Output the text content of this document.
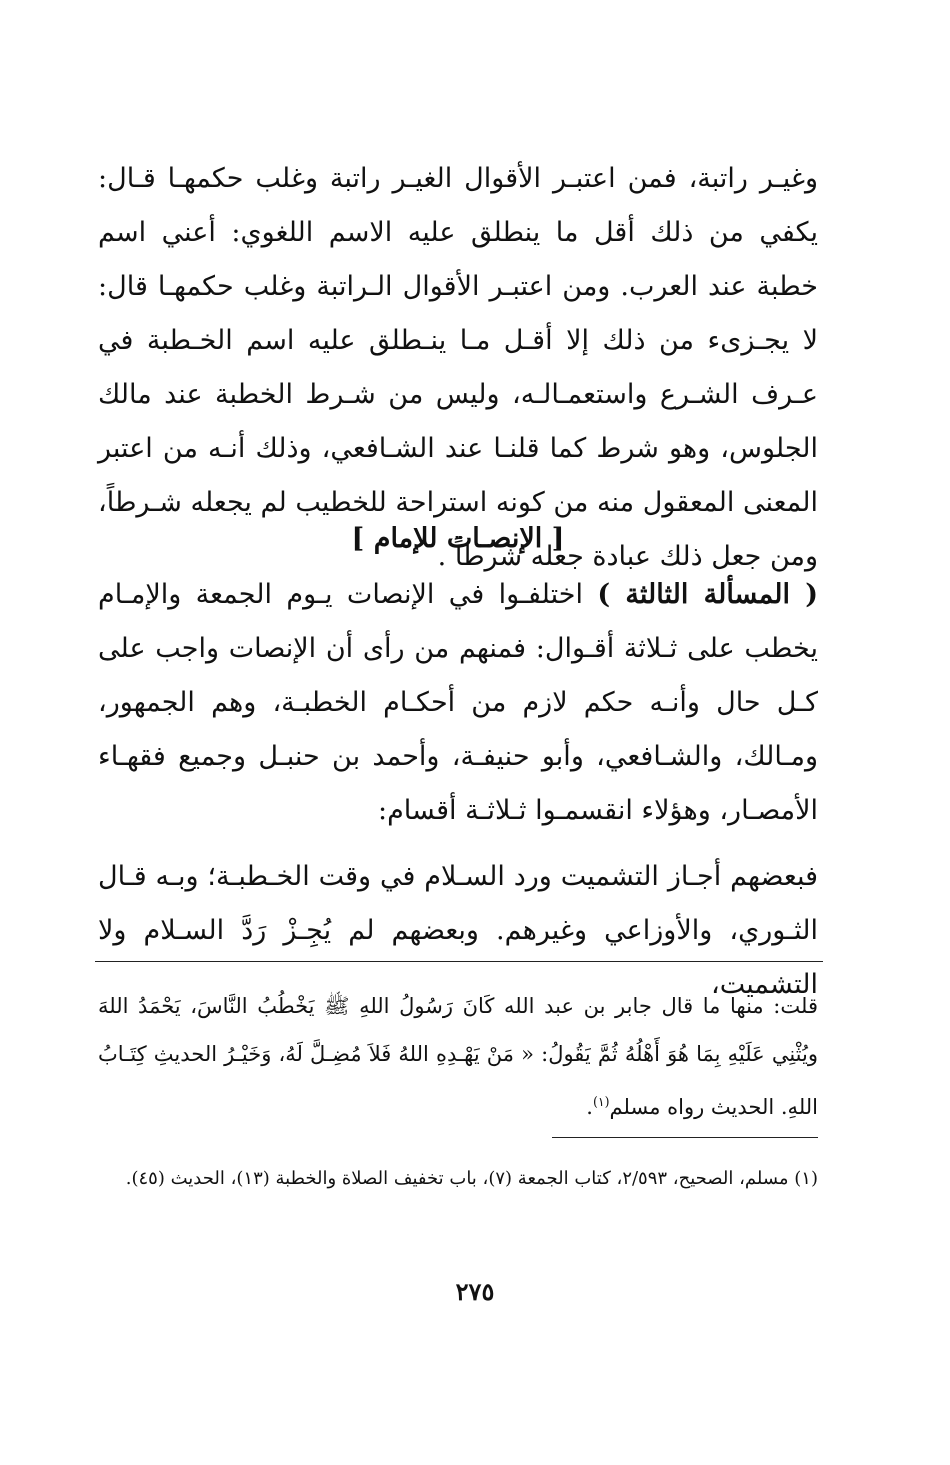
وغيـر راتبة، فمن اعتبـر الأقوال الغيـر راتبة وغلب حكمهـا قـال: يكفي من ذلك أقل ما ينطلق عليه الاسم اللغوي: أعني اسم خطبة عند العرب. ومن اعتبـر الأقوال الـراتبة وغلب حكمهـا قال: لا يجـزىء من ذلك إلا أقـل مـا ينـطلق عليه اسم الخـطبة في عـرف الشـرع واستعمـالـه، وليس من شـرط الخطبة عند مالك الجلوس، وهو شرط كما قلنـا عند الشـافعي، وذلك أنـه من اعتبر المعنى المعقول منه من كونه استراحة للخطيب لم يجعله شـرطاً، ومن جعل ذلك عبادة جعله شرطاً .

[ الإنصـات للإمام ]

( المسألة الثالثة ) اختلفـوا في الإنصات يـوم الجمعة والإمـام يخطب على ثـلاثة أقـوال: فمنهم من رأى أن الإنصات واجب على كـل حال وأنـه حكم لازم من أحكـام الخطبـة، وهم الجمهور، ومـالك، والشـافعي، وأبو حنيفـة، وأحمد بن حنبـل وجميع فقهـاء الأمصـار، وهؤلاء انقسمـوا ثـلاثـة أقسام:

فبعضهم أجـاز التشميت ورد السـلام في وقت الخـطبـة؛ وبـه قـال الثـوري، والأوزاعي وغيرهم. وبعضهم لم يُجِـزْ رَدَّ السـلام ولا التشميت،

قلت: منها ما قال جابر بن عبد الله كَانَ رَسُولُ اللهِ ﷺ يَخْطُبُ النَّاسَ، يَحْمَدُ اللهَ ويُثْنِي عَلَيْهِ بِمَا هُوَ أَهْلُهُ ثُمَّ يَقُولُ: « مَنْ يَهْـدِهِ اللهُ فَلاَ مُضِـلَّ لَهُ، وَخَيْـرُ الحديثِ كِتَـابُ اللهِ. الحديث رواه مسلم$^{(١)}$.

(١) مسلم، الصحيح، ٢/٥٩٣، كتاب الجمعة (٧)، باب تخفيف الصلاة والخطبة (١٣)، الحديث (٤٥).

٢٧٥
